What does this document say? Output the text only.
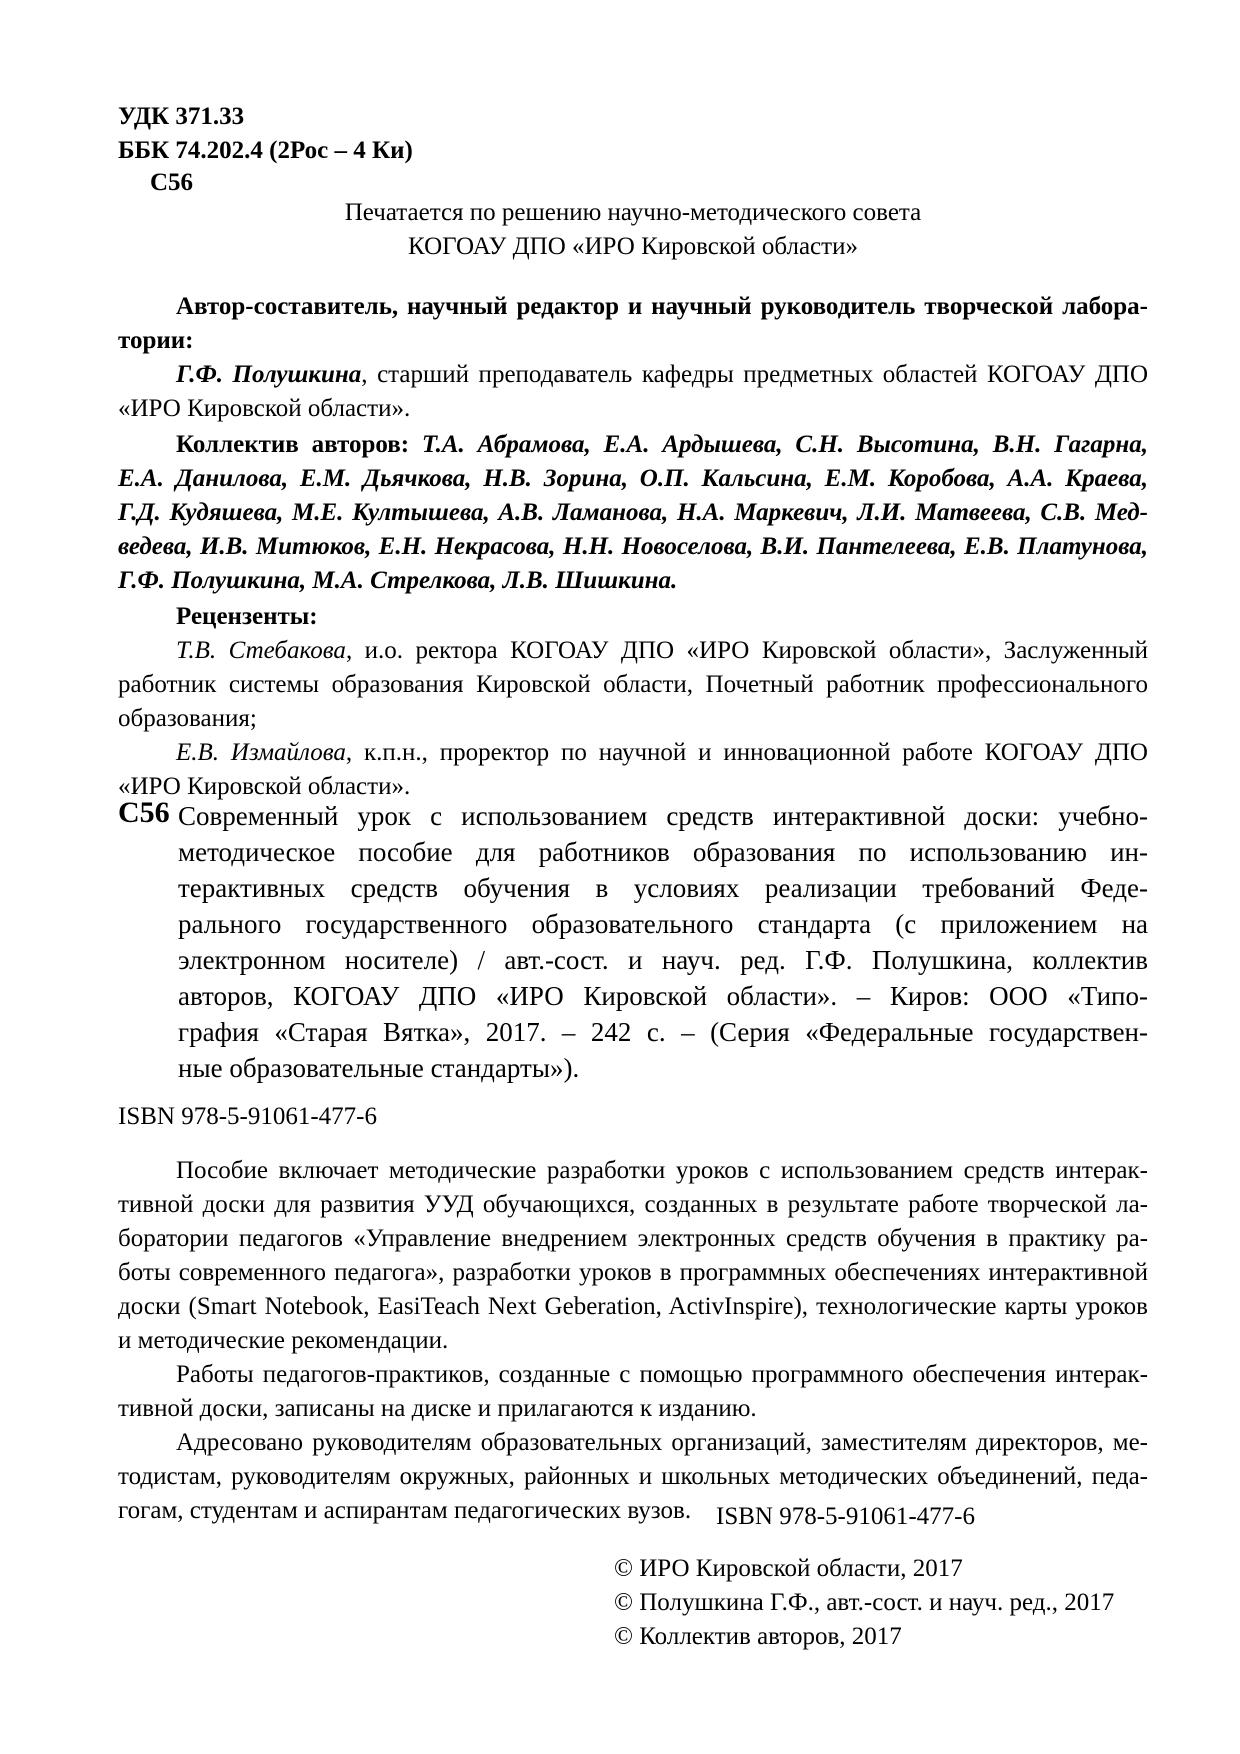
УДК 371.33
ББК 74.202.4 (2Рос – 4 Ки)
С56
Печатается по решению научно-методического совета
КОГОАУ ДПО «ИРО Кировской области»
Автор-составитель, научный редактор и научный руководитель творческой лабора-
тории:
Г.Ф. Полушкина, старший преподаватель кафедры предметных областей КОГОАУ ДПО
«ИРО Кировской области».
Коллектив авторов: Т.А. Абрамова, Е.А. Ардышева, С.Н. Высотина, В.Н. Гагарна,
Е.А. Данилова, Е.М. Дьячкова, Н.В. Зорина, О.П. Кальсина, Е.М. Коробова, А.А. Краева,
Г.Д. Кудяшева, М.Е. Култышева, А.В. Ламанова, Н.А. Маркевич, Л.И. Матвеева, С.В. Мед-
ведева, И.В. Митюков, Е.Н. Некрасова, Н.Н. Новоселова, В.И. Пантелеева, Е.В. Платунова,
Г.Ф. Полушкина, М.А. Стрелкова, Л.В. Шишкина.
Рецензенты:
Т.В. Стебакова, и.о. ректора КОГОАУ ДПО «ИРО Кировской области», Заслуженный
работник системы образования Кировской области, Почетный работник профессионального
образования;
Е.В. Измайлова, к.п.н., проректор по научной и инновационной работе КОГОАУ ДПО
«ИРО Кировской области».
С56 Современный урок с использованием средств интерактивной доски: учебно-
методическое пособие для работников образования по использованию ин-
терактивных средств обучения в условиях реализации требований Феде-
рального государственного образовательного стандарта (с приложением на
электронном носителе) / авт.-сост. и науч. ред. Г.Ф. Полушкина, коллектив
авторов, КОГОАУ ДПО «ИРО Кировской области». – Киров: ООО «Типо-
графия «Старая Вятка», 2017. – 242 с. – (Серия «Федеральные государствен-
ные образовательные стандарты»).
ISBN 978-5-91061-477-6
Пособие включает методические разработки уроков с использованием средств интерак-
тивной доски для развития УУД обучающихся, созданных в результате работе творческой ла-
боратории педагогов «Управление внедрением электронных средств обучения в практику ра-
боты современного педагога», разработки уроков в программных обеспечениях интерактивной
доски (Smart Notebook, EasiTeach Next Geberation, ActivInspire), технологические карты уроков
и методические рекомендации.
Работы педагогов-практиков, созданные с помощью программного обеспечения интерак-
тивной доски, записаны на диске и прилагаются к изданию.
Адресовано руководителям образовательных организаций, заместителям директоров, ме-
тодистам, руководителям окружных, районных и школьных методических объединений, педа-
гогам, студентам и аспирантам педагогических вузов. ISBN 978-5-91061-477-6
© ИРО Кировской области, 2017
© Полушкина Г.Ф., авт.-сост. и науч. ред., 2017
© Коллектив авторов, 2017
